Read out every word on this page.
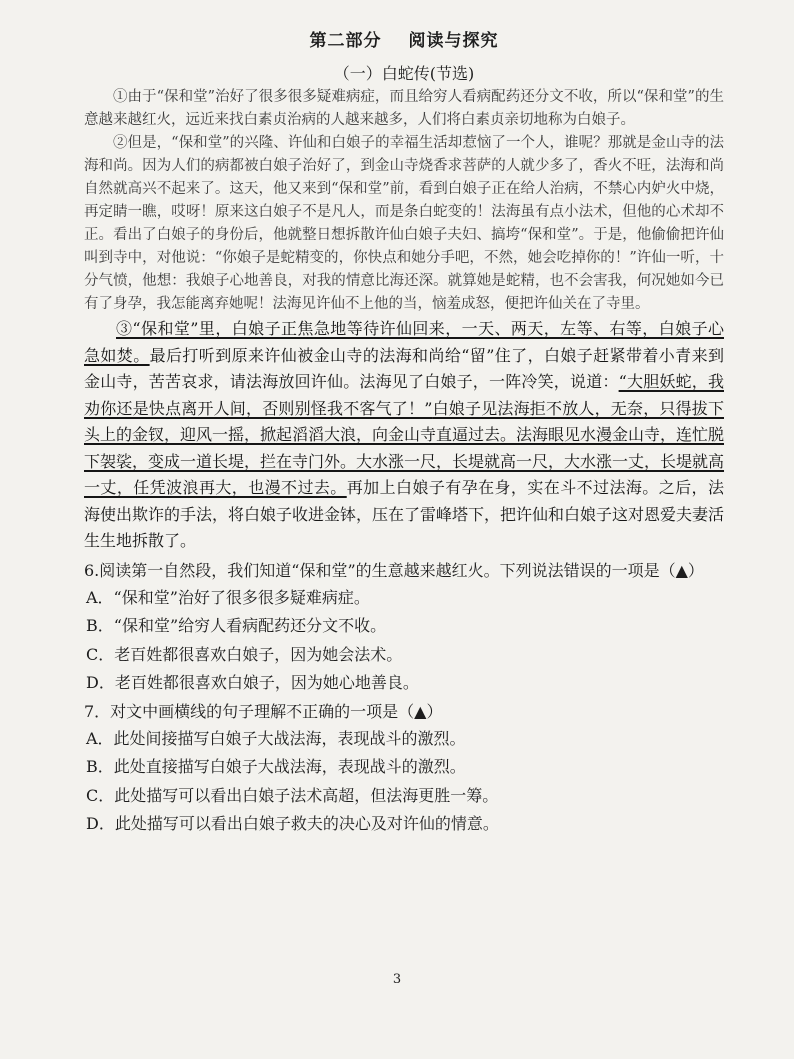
第二部分 阅读与探究
（一）白蛇传(节选)

①由于“保和堂”治好了很多很多疑难病症，而且给穷人看病配药还分文不收，所以“保和堂”的生意越来越红火，远近来找白素贞治病的人越来越多，人们将白素贞亲切地称为白娘子。

②但是，“保和堂”的兴隆、许仙和白娘子的幸福生活却惹恼了一个人，谁呢？那就是金山寺的法海和尚。因为人们的病都被白娘子治好了，到金山寺烧香求菩萨的人就少多了，香火不旺，法海和尚自然就高兴不起来了。这天，他又来到“保和堂”前，看到白娘子正在给人治病，不禁心内妒火中烧，再定睛一瞧，哎呀！原来这白娘子不是凡人，而是条白蛇变的！法海虽有点小法术，但他的心术却不正。看出了白娘子的身份后，他就整日想拆散许仙白娘子夫妇、搞垮“保和堂”。于是，他偷偷把许仙叫到寺中，对他说：“你娘子是蛇精变的，你快点和她分手吧，不然，她会吃掉你的！”许仙一听，十分气愤，他想：我娘子心地善良，对我的情意比海还深。就算她是蛇精，也不会害我，何况她如今已有了身孕，我怎能离弃她呢！法海见许仙不上他的当，恼羞成怒，便把许仙关在了寺里。

③“保和堂”里，白娘子正焦急地等待许仙回来，一天、两天，左等、右等，白娘子心急如焚。最后打听到原来许仙被金山寺的法海和尚给“留”住了，白娘子赶紧带着小青来到金山寺，苦苦哀求，请法海放回许仙。法海见了白娘子，一阵冷笑，说道：“大胆妖蛇，我劝你还是快点离开人间，否则别怪我不客气了！”白娘子见法海拒不放人，无奈，只得拔下头上的金钗，迎风一摇，掀起滔滔大浪，向金山寺直逼过去。法海眼见水漫金山寺，连忙脱下袈裟，变成一道长堤，拦在寺门外。大水涨一尺，长堤就高一尺，大水涨一丈，长堤就高一丈，任凭波浪再大，也漫不过去。再加上白娘子有孕在身，实在斗不过法海。之后，法海使出欺诈的手法，将白娘子收进金钵，压在了雷峰塔下，把许仙和白娘子这对恩爱夫妻活生生地拆散了。

6.阅读第一自然段，我们知道“保和堂”的生意越来越红火。下列说法错误的一项是（▲）

A．“保和堂”治好了很多很多疑难病症。

B．“保和堂”给穷人看病配药还分文不收。

C．老百姓都很喜欢白娘子，因为她会法术。

D．老百姓都很喜欢白娘子，因为她心地善良。

7．对文中画横线的句子理解不正确的一项是（▲）

A．此处间接描写白娘子大战法海，表现战斗的激烈。

B．此处直接描写白娘子大战法海，表现战斗的激烈。

C．此处描写可以看出白娘子法术高超，但法海更胜一筹。

D．此处描写可以看出白娘子救夫的决心及对许仙的情意。

3
